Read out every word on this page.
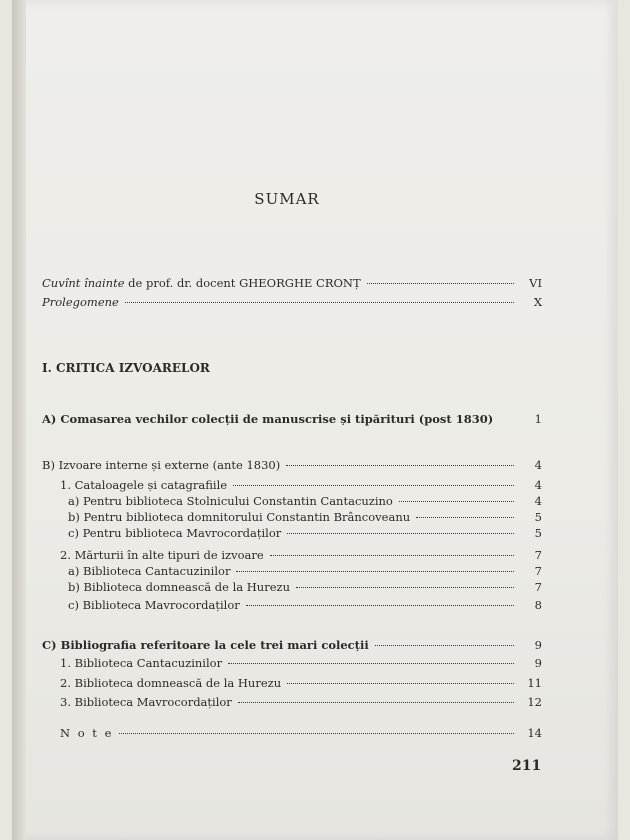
SUMAR
Cuvînt înainte de prof. dr. docent GHEORGHE CRONȚ	VI
Prolegomene	X
I. CRITICA IZVOARELOR
A) Comasarea vechilor colecții de manuscrise și tipărituri (post 1830)	1
B) Izvoare interne și externe (ante 1830)	4
1. Cataloagele și catagrafiile	4
a) Pentru biblioteca Stolnicului Constantin Cantacuzino	4
b) Pentru biblioteca domnitorului Constantin Brâncoveanu	5
c) Pentru biblioteca Mavrocordaților	5
2. Mărturii în alte tipuri de izvoare	7
a) Biblioteca Cantacuzinilor	7
b) Biblioteca domnească de la Hurezu	7
c) Biblioteca Mavrocordaților	8
C) Bibliografia referitoare la cele trei mari colecții	9
1. Biblioteca Cantacuzinilor	9
2. Biblioteca domnească de la Hurezu	11
3. Biblioteca Mavrocordaților	12
N o t e	14
211
